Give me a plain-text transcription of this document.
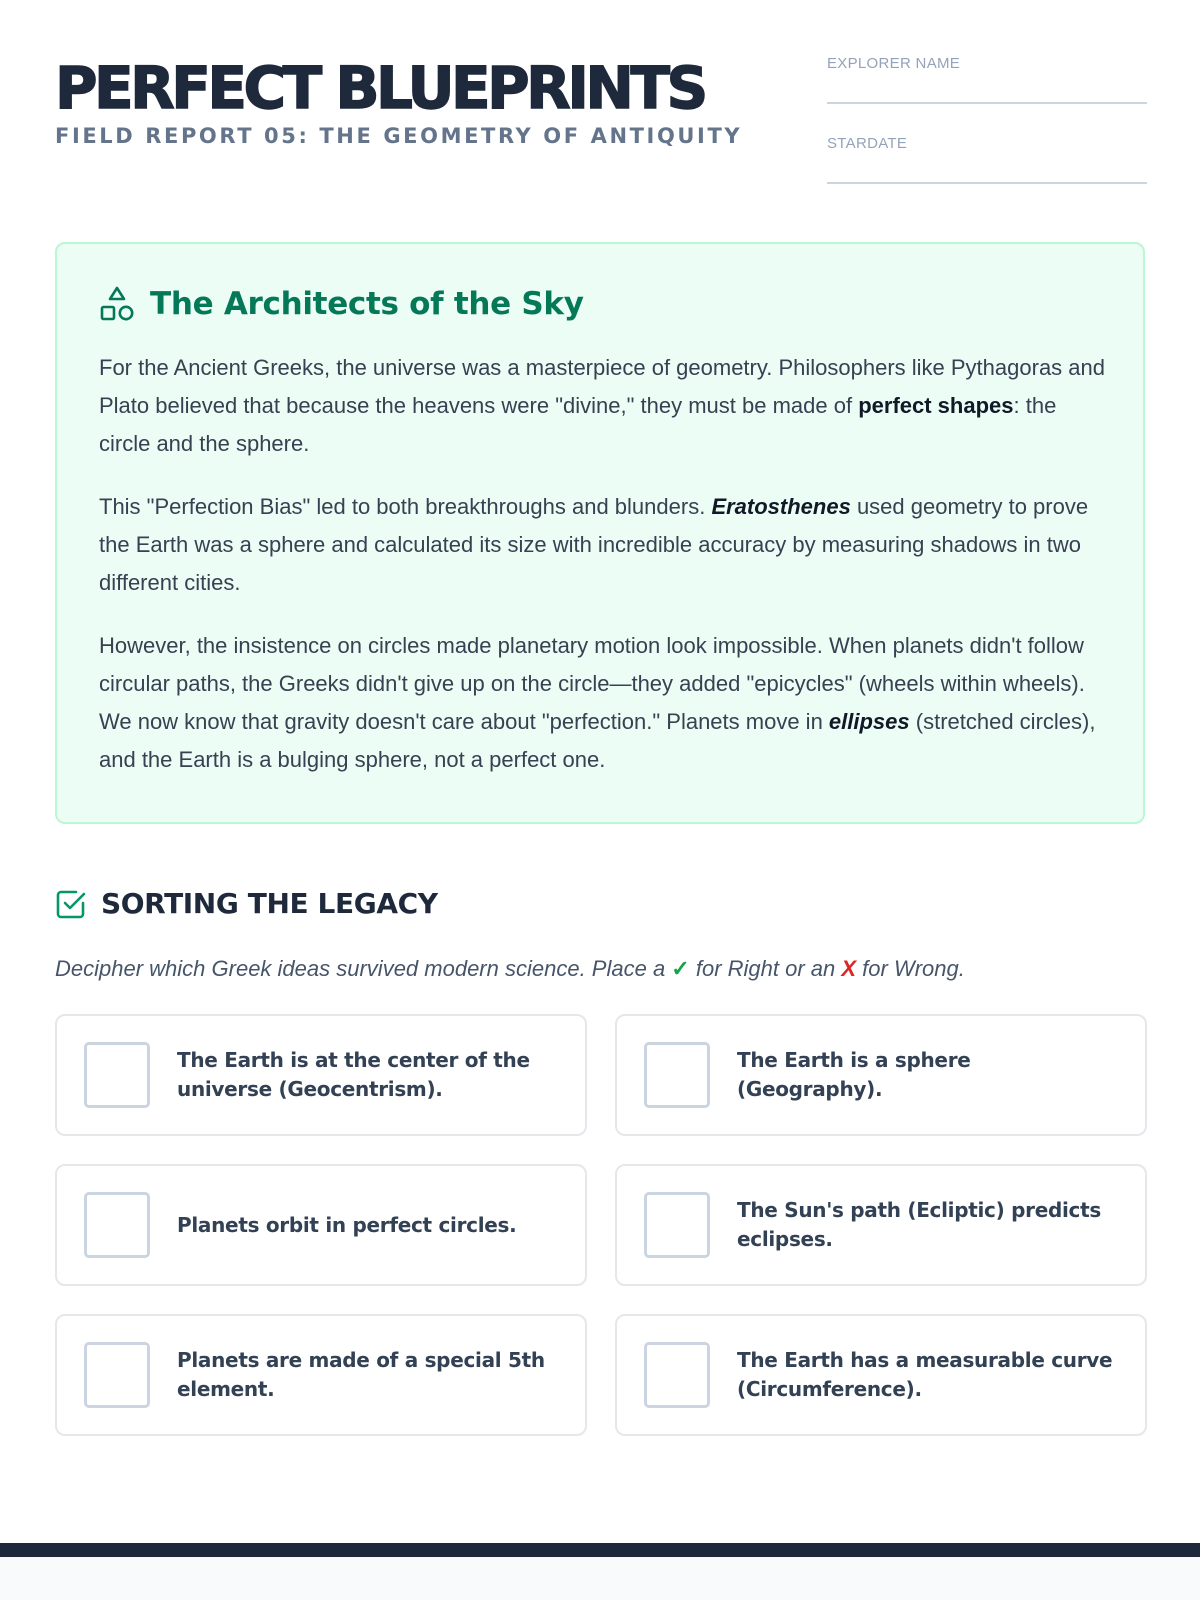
PERFECT BLUEPRINTS

FIELD REPORT 05: THE GEOMETRY OF ANTIQUITY

EXPLORER NAME
STARDATE
The Architects of the Sky

For the Ancient Greeks, the universe was a masterpiece of geometry. Philosophers like Pythagoras and Plato believed that because the heavens were "divine," they must be made of perfect shapes: the circle and the sphere.

This "Perfection Bias" led to both breakthroughs and blunders. Eratosthenes used geometry to prove the Earth was a sphere and calculated its size with incredible accuracy by measuring shadows in two different cities.

However, the insistence on circles made planetary motion look impossible. When planets didn't follow circular paths, the Greeks didn't give up on the circle—they added "epicycles" (wheels within wheels). We now know that gravity doesn't care about "perfection." Planets move in ellipses (stretched circles), and the Earth is a bulging sphere, not a perfect one.

SORTING THE LEGACY

Decipher which Greek ideas survived modern science. Place a ✓ for Right or an X for Wrong.

The Earth is at the center of the universe (Geocentrism).
The Earth is a sphere (Geography).
Planets orbit in perfect circles.
The Sun's path (Ecliptic) predicts eclipses.
Planets are made of a special 5th element.
The Earth has a measurable curve (Circumference).
